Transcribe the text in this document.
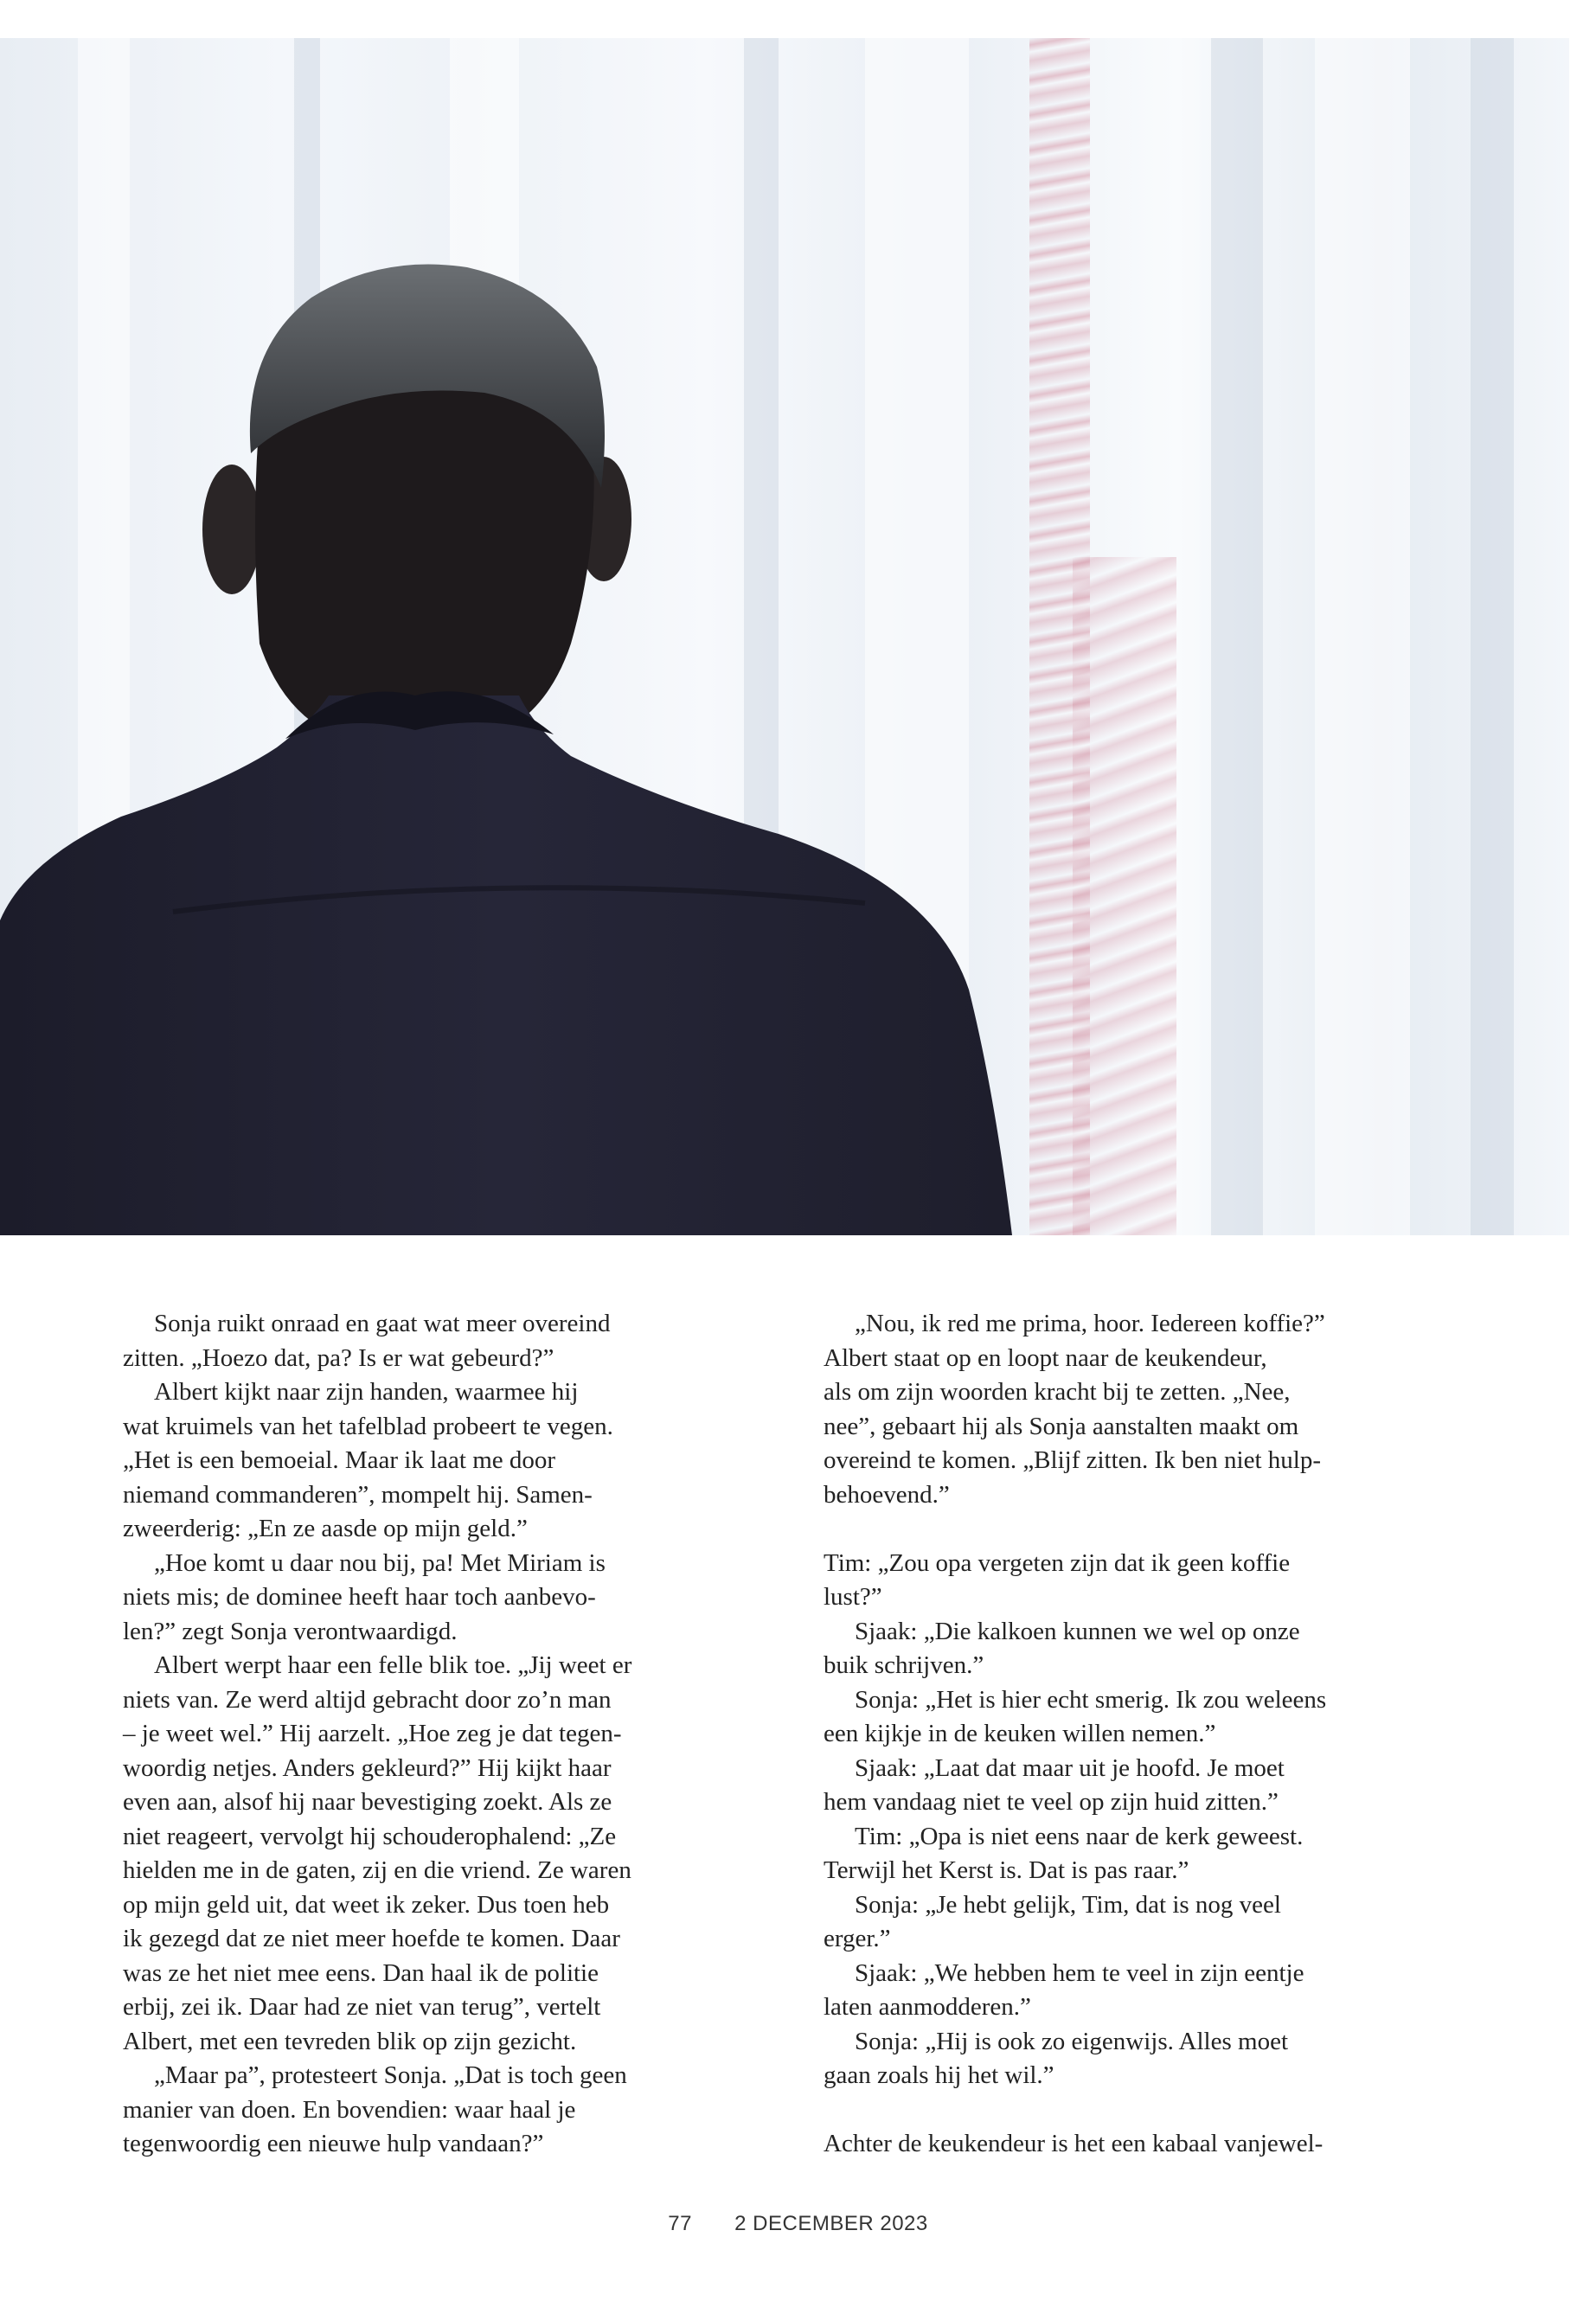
Sonja ruikt onraad en gaat wat meer overeind
zitten. „Hoezo dat, pa? Is er wat gebeurd?”
Albert kijkt naar zijn handen, waarmee hij
wat kruimels van het tafelblad probeert te vegen.
„Het is een bemoeial. Maar ik laat me door
niemand commanderen”, mompelt hij. Samen-
zweerderig: „En ze aasde op mijn geld.”
„Hoe komt u daar nou bij, pa! Met Miriam is
niets mis; de dominee heeft haar toch aanbevo-
len?” zegt Sonja verontwaardigd.
Albert werpt haar een felle blik toe. „Jij weet er
niets van. Ze werd altijd gebracht door zo’n man
– je weet wel.” Hij aarzelt. „Hoe zeg je dat tegen-
woordig netjes. Anders gekleurd?” Hij kijkt haar
even aan, alsof hij naar bevestiging zoekt. Als ze
niet reageert, vervolgt hij schouderophalend: „Ze
hielden me in de gaten, zij en die vriend. Ze waren
op mijn geld uit, dat weet ik zeker. Dus toen heb
ik gezegd dat ze niet meer hoefde te komen. Daar
was ze het niet mee eens. Dan haal ik de politie
erbij, zei ik. Daar had ze niet van terug”, vertelt
Albert, met een tevreden blik op zijn gezicht.
„Maar pa”, protesteert Sonja. „Dat is toch geen
manier van doen. En bovendien: waar haal je
tegenwoordig een nieuwe hulp vandaan?”
„Nou, ik red me prima, hoor. Iedereen koffie?”
Albert staat op en loopt naar de keukendeur,
als om zijn woorden kracht bij te zetten. „Nee,
nee”, gebaart hij als Sonja aanstalten maakt om
overeind te komen. „Blijf zitten. Ik ben niet hulp-
behoevend.”
Tim: „Zou opa vergeten zijn dat ik geen koffie
lust?”
Sjaak: „Die kalkoen kunnen we wel op onze
buik schrijven.”
Sonja: „Het is hier echt smerig. Ik zou weleens
een kijkje in de keuken willen nemen.”
Sjaak: „Laat dat maar uit je hoofd. Je moet
hem vandaag niet te veel op zijn huid zitten.”
Tim: „Opa is niet eens naar de kerk geweest.
Terwijl het Kerst is. Dat is pas raar.”
Sonja: „Je hebt gelijk, Tim, dat is nog veel
erger.”
Sjaak: „We hebben hem te veel in zijn eentje
laten aanmodderen.”
Sonja: „Hij is ook zo eigenwijs. Alles moet
gaan zoals hij het wil.”
Achter de keukendeur is het een kabaal vanjewel-
77 2 DECEMBER 2023
